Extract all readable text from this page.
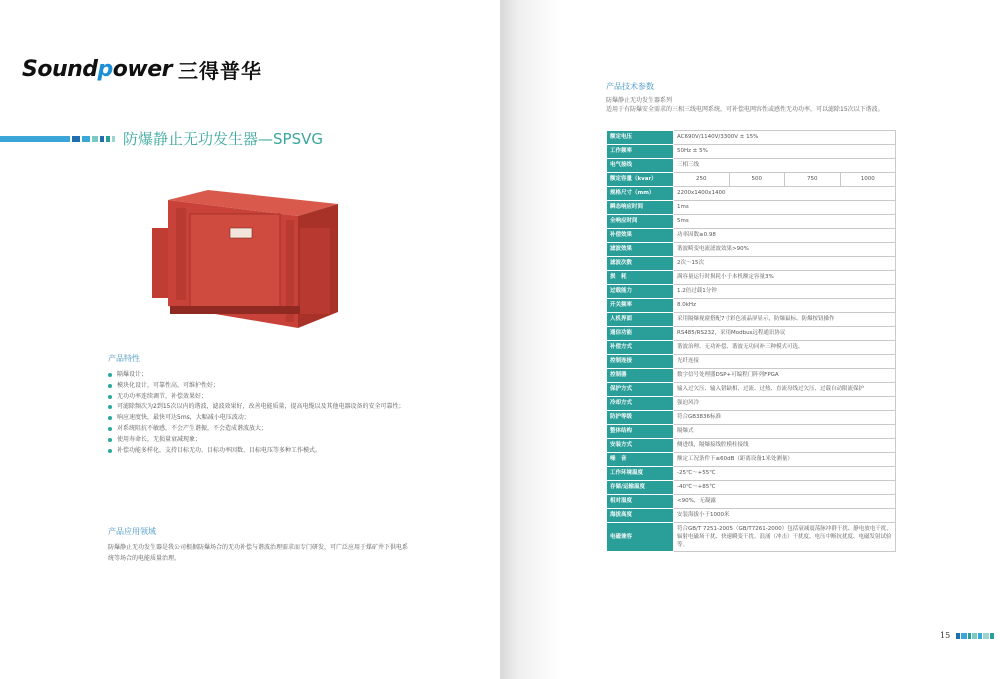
Soundpower 三得普华
防爆静止无功发生器—SPSVG
产品特性
隔爆设计；
模块化设计，可靠性高，可维护性好；
无功功率连续调节，补偿效果好；
可滤除频次为2到15次以内的谐波，滤波效果好，改善电能质量，提高电缆以及其他电器设备的安全可靠性；
响应速度快，最快可达5ms，大幅减小电压波动；
对系统阻抗不敏感，不会产生谐振，不会造成谐波放大；
使用寿命长，无损量衰减现象；
补偿功能多样化，支持目标无功、目标功率因数、目标电压等多种工作模式。
产品应用领域
防爆静止无功发生器是我公司根据防爆场合的无功补偿与谐波治理需求而专门研发，可广泛应用于煤矿井下供电系统等场合的电能质量治理。
产品技术参数
防爆静止无功发生器系列
适用于有防爆安全需求的三相三线电网系统，可补偿电网容性或感性无功功率，可以滤除15次以下谐波。
额定电压	AC690V/1140V/3300V ± 15%			
工作频率	50Hz ± 5%			
电气接线	三相三线			
额定容量（kvar）	250	500	750	1000
规格尺寸（mm）	2200x1400x1400			
瞬态响应时间	1ms			
全响应时间	5ms			
补偿效果	功率因数≥0.98			
滤波效果	谐波畸变电流滤波效果>90%			
滤波次数	2次～15次			
损　耗	满容量运行时损耗小于本机额定容量3%			
过载能力	1.2倍过载1分钟			
开关频率	8.0kHz			
人机界面	采用隔爆视窗搭配7寸彩色液晶屏显示，防爆鼠标、防爆按钮操作			
通信功能	RS485/RS232，采用Modbus远程通讯协议			
补偿方式	谐波治理、无功补偿、谐波无功同补三种模式可选。			
控制连接	光纤连接			
控制器	数字信号处理器DSP+可编程门阵列FPGA			
保护方式	输入过欠压、输入错缺相、过流、过热、直流母线过欠压、过载自动限流保护			
冷却方式	强迫风冷			
防护等级	符合GB3836标准			
整体结构	隔爆式			
安装方式	侧进线，隔爆接线腔模柱接线			
噪　音	额定工况条件下≤60dB（距离设备1米处测量）			
工作环境温度	-25℃～+55℃			
存储/运输温度	-40℃～+85℃			
相对湿度	<90%，无凝露			
海拔高度	安装海拔小于1000米			
电磁兼容	符合GB/T 7251-2005（GB/T7261-2000）包括衰减震荡脉冲群干扰、静电放电干扰、辐射电磁场干扰、快速瞬变干扰、浪涌（冲击）干扰度、电压中断抗扰度、电磁发射试验等。			
15
